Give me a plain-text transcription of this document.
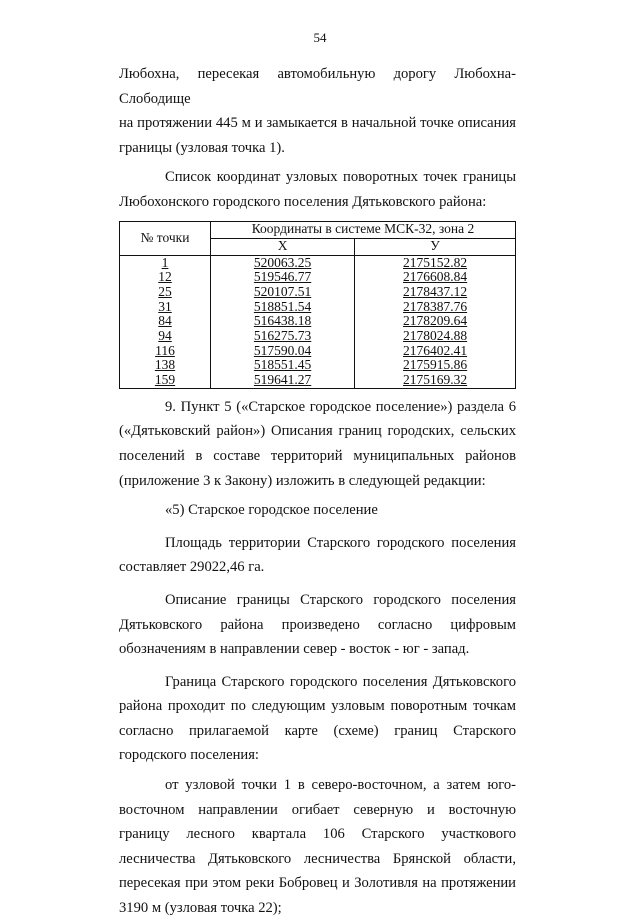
54

Любохна, пересекая автомобильную дорогу Любохна-Слободище

на протяжении 445 м и замыкается в начальной точке описания границы (узловая точка 1).

Список координат узловых поворотных точек границы Любохонского городского поселения Дятьковского района:

№ точки	Координаты в системе МСК-32, зона 2	
	X	У
1	520063.25	2175152.82
12	519546.77	2176608.84
25	520107.51	2178437.12
31	518851.54	2178387.76
84	516438.18	2178209.64
94	516275.73	2178024.88
116	517590.04	2176402.41
138	518551.45	2175915.86
159	519641.27	2175169.32

9. Пункт 5 («Старское городское поселение») раздела 6 («Дятьковский район») Описания границ городских, сельских поселений в составе территорий муниципальных районов (приложение 3 к Закону) изложить в следующей редакции:

«5) Старское городское поселение

Площадь территории Старского городского поселения составляет 29022,46 га.

Описание границы Старского городского поселения Дятьковского района произведено согласно цифровым обозначениям в направлении север - восток - юг - запад.

Граница Старского городского поселения Дятьковского района проходит по следующим узловым поворотным точкам согласно прилагаемой карте (схеме) границ Старского городского поселения:

от узловой точки 1 в северо-восточном, а затем юго-восточном направлении огибает северную и восточную границу лесного квартала 106 Старского участкового лесничества Дятьковского лесничества Брянской области, пересекая при этом реки Бобровец и Золотивля на протяжении 3190 м (узловая точка 22);
